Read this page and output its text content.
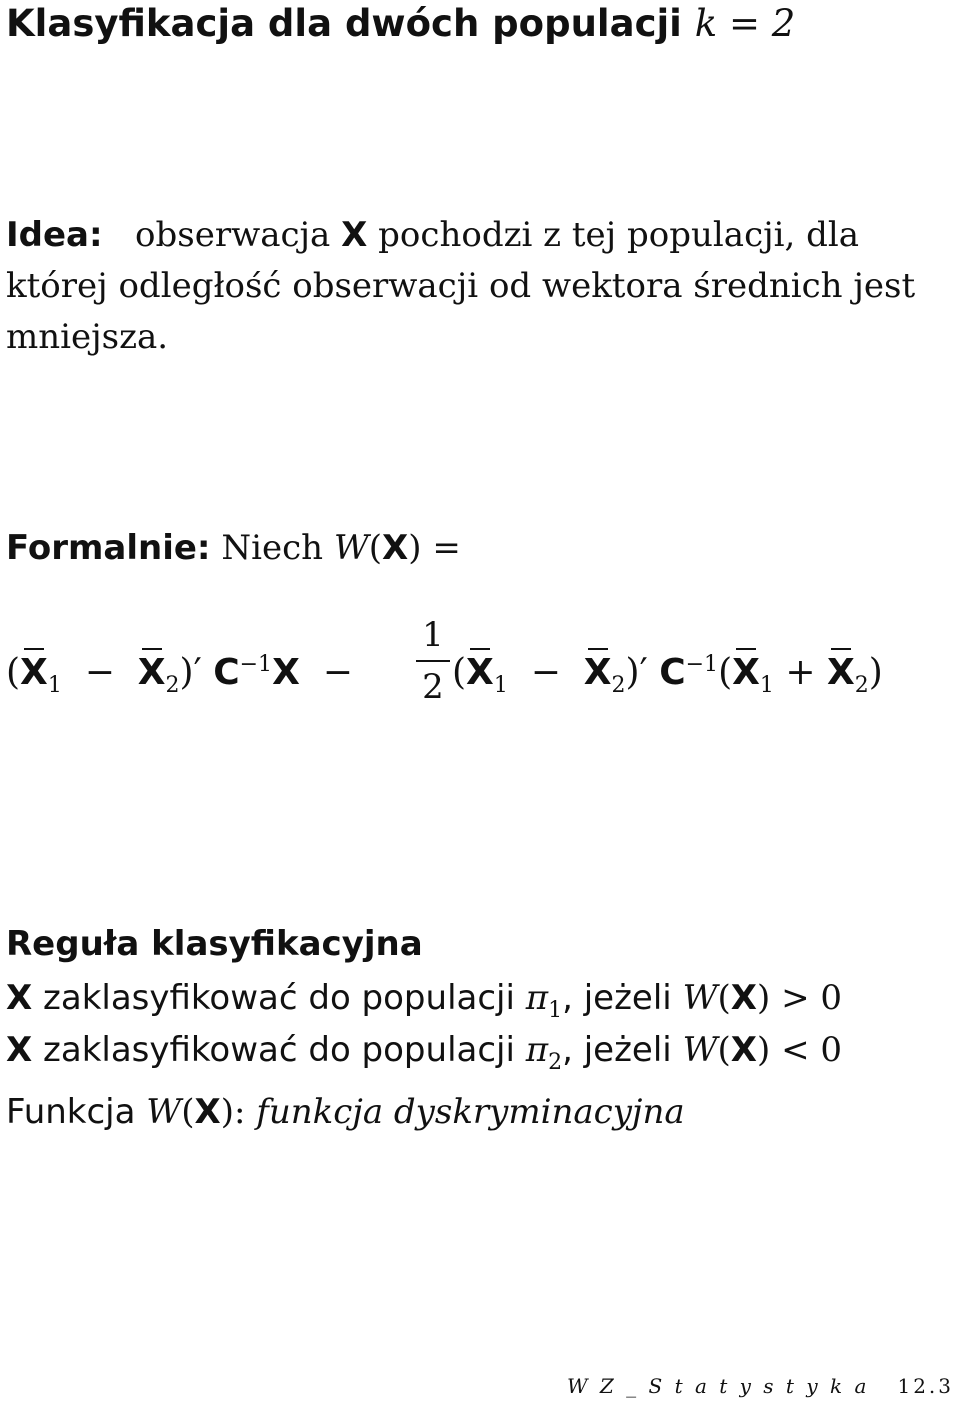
Klasyfikacja dla dwóch populacji k = 2
Idea: obserwacja X pochodzi z tej populacji, dla
której odległość obserwacji od wektora średnich jest
mniejsza.
Formalnie: Niech W(X) =
$(X_1 - X_2)'$ $C^{-1}X$ −
1
2 $(X_1 - X_2)'$ $C^{-1}(X_1 + X_2)$
Reguła klasyfikacyjna
X zaklasyfikować do populacji $\pi_1$, jeżeli W(X) > 0
X zaklasyfikować do populacji $\pi_2$, jeżeli W(X) < 0
Funkcja W(X): funkcja dyskryminacyjna
W Z _ S t a t y s t y k a 12.3
